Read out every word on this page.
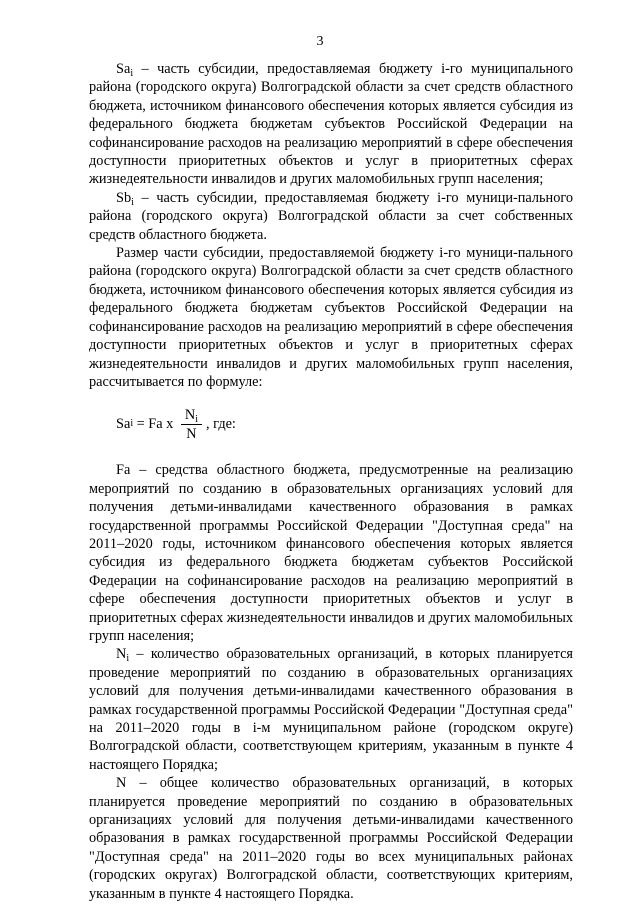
3

$Sa_i$ – часть субсидии, предоставляемая бюджету i-го муниципального района (городского округа) Волгоградской области за счет средств областного бюджета, источником финансового обеспечения которых является субсидия из федерального бюджета бюджетам субъектов Российской Федерации на софинансирование расходов на реализацию мероприятий в сфере обеспечения доступности приоритетных объектов и услуг в приоритетных сферах жизнедеятельности инвалидов и других маломобильных групп населения;

$Sb_i$ – часть субсидии, предоставляемая бюджету i-го муници-пального района (городского округа) Волгоградской области за счет собственных средств областного бюджета.

Размер части субсидии, предоставляемой бюджету i-го муници-пального района (городского округа) Волгоградской области за счет средств областного бюджета, источником финансового обеспечения которых является субсидия из федерального бюджета бюджетам субъектов Российской Федерации на софинансирование расходов на реализацию мероприятий в сфере обеспечения доступности приоритетных объектов и услуг в приоритетных сферах жизнедеятельности инвалидов и других маломобильных групп населения, рассчитывается по формуле:

Sa i = Fa x $\frac{N_i}{N}$ , где:

Fa – средства областного бюджета, предусмотренные на реализацию мероприятий по созданию в образовательных организациях условий для получения детьми-инвалидами качественного образования в рамках государственной программы Российской Федерации "Доступная среда" на 2011–2020 годы, источником финансового обеспечения которых является субсидия из федерального бюджета бюджетам субъектов Российской Федерации на софинансирование расходов на реализацию мероприятий в сфере обеспечения доступности приоритетных объектов и услуг в приоритетных сферах жизнедеятельности инвалидов и других маломобильных групп населения;

$N_i$ – количество образовательных организаций, в которых планируется проведение мероприятий по созданию в образовательных организациях условий для получения детьми-инвалидами качественного образования в рамках государственной программы Российской Федерации "Доступная среда" на 2011–2020 годы в i-м муниципальном районе (городском округе) Волгоградской области, соответствующем критериям, указанным в пункте 4 настоящего Порядка;

N – общее количество образовательных организаций, в которых планируется проведение мероприятий по созданию в образовательных организациях условий для получения детьми-инвалидами качественного образования в рамках государственной программы Российской Федерации "Доступная среда" на 2011–2020 годы во всех муниципальных районах (городских округах) Волгоградской области, соответствующих критериям, указанным в пункте 4 настоящего Порядка.
